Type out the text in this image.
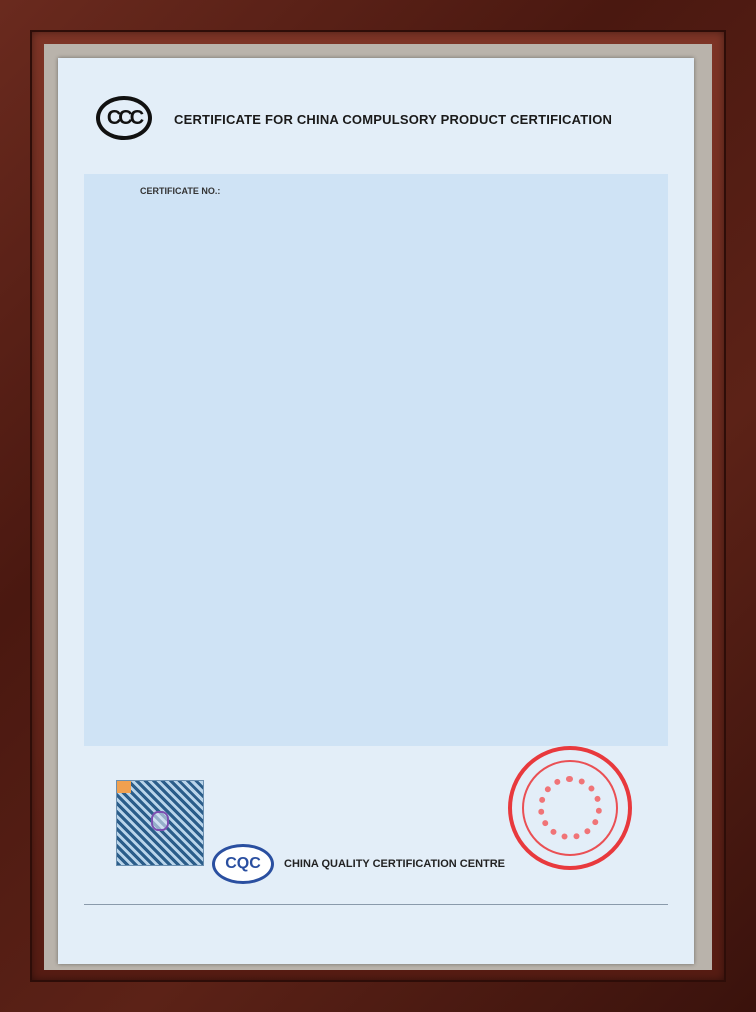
CCC	CERTIFICATE FOR CHINA COMPULSORY PRODUCT CERTIFICATION
CERTIFICATE NO.:
CQC	CHINA QUALITY CERTIFICATION CENTRE
